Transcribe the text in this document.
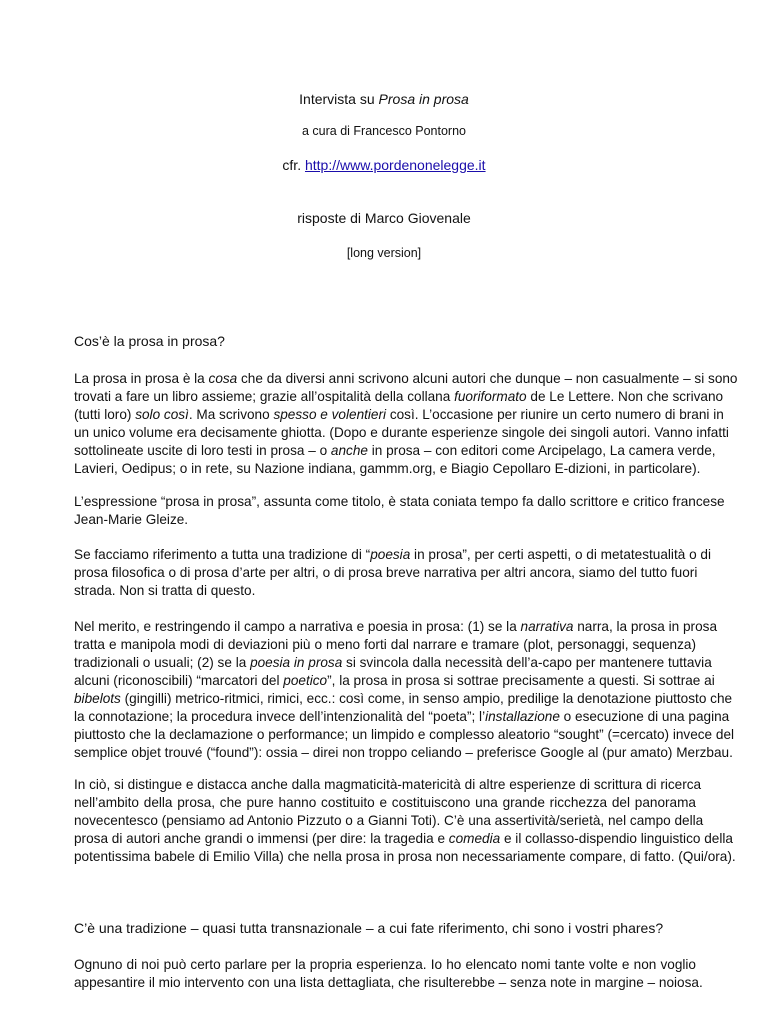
Intervista su Prosa in prosa
a cura di Francesco Pontorno
cfr. http://www.pordenonelegge.it
risposte di Marco Giovenale
[long version]
Cos’è la prosa in prosa?
La prosa in prosa è la cosa che da diversi anni scrivono alcuni autori che dunque – non casualmente – si sono
trovati a fare un libro assieme; grazie all’ospitalità della collana fuoriformato de Le Lettere. Non che scrivano
(tutti loro) solo così. Ma scrivono spesso e volentieri così. L’occasione per riunire un certo numero di brani in
un unico volume era decisamente ghiotta. (Dopo e durante esperienze singole dei singoli autori. Vanno infatti
sottolineate uscite di loro testi in prosa – o anche in prosa – con editori come Arcipelago, La camera verde,
Lavieri, Oedipus; o in rete, su Nazione indiana, gammm.org, e Biagio Cepollaro E-dizioni, in particolare).
L’espressione “prosa in prosa”, assunta come titolo, è stata coniata tempo fa dallo scrittore e critico francese
Jean-Marie Gleize.
Se facciamo riferimento a tutta una tradizione di “poesia in prosa”, per certi aspetti, o di metatestualità o di
prosa filosofica o di prosa d’arte per altri, o di prosa breve narrativa per altri ancora, siamo del tutto fuori
strada. Non si tratta di questo.
Nel merito, e restringendo il campo a narrativa e poesia in prosa: (1) se la narrativa narra, la prosa in prosa
tratta e manipola modi di deviazioni più o meno forti dal narrare e tramare (plot, personaggi, sequenza)
tradizionali o usuali; (2) se la poesia in prosa si svincola dalla necessità dell’a-capo per mantenere tuttavia
alcuni (riconoscibili) “marcatori del poetico”, la prosa in prosa si sottrae precisamente a questi. Si sottrae ai
bibelots (gingilli) metrico-ritmici, rimici, ecc.: così come, in senso ampio, predilige la denotazione piuttosto che
la connotazione; la procedura invece dell’intenzionalità del “poeta”; l’installazione o esecuzione di una pagina
piuttosto che la declamazione o performance; un limpido e complesso aleatorio “sought” (=cercato) invece del
semplice objet trouvé (“found”): ossia – direi non troppo celiando – preferisce Google al (pur amato) Merzbau.
In ciò, si distingue e distacca anche dalla magmaticità-matericità di altre esperienze di scrittura di ricerca
nell’ambito della prosa, che pure hanno costituito e costituiscono una grande ricchezza del panorama
novecentesco (pensiamo ad Antonio Pizzuto o a Gianni Toti). C’è una assertività/serietà, nel campo della
prosa di autori anche grandi o immensi (per dire: la tragedia e comedia e il collasso-dispendio linguistico della
potentissima babele di Emilio Villa) che nella prosa in prosa non necessariamente compare, di fatto. (Qui/ora).
C’è una tradizione – quasi tutta transnazionale – a cui fate riferimento, chi sono i vostri phares?
Ognuno di noi può certo parlare per la propria esperienza. Io ho elencato nomi tante volte e non voglio
appesantire il mio intervento con una lista dettagliata, che risulterebbe – senza note in margine – noiosa.
